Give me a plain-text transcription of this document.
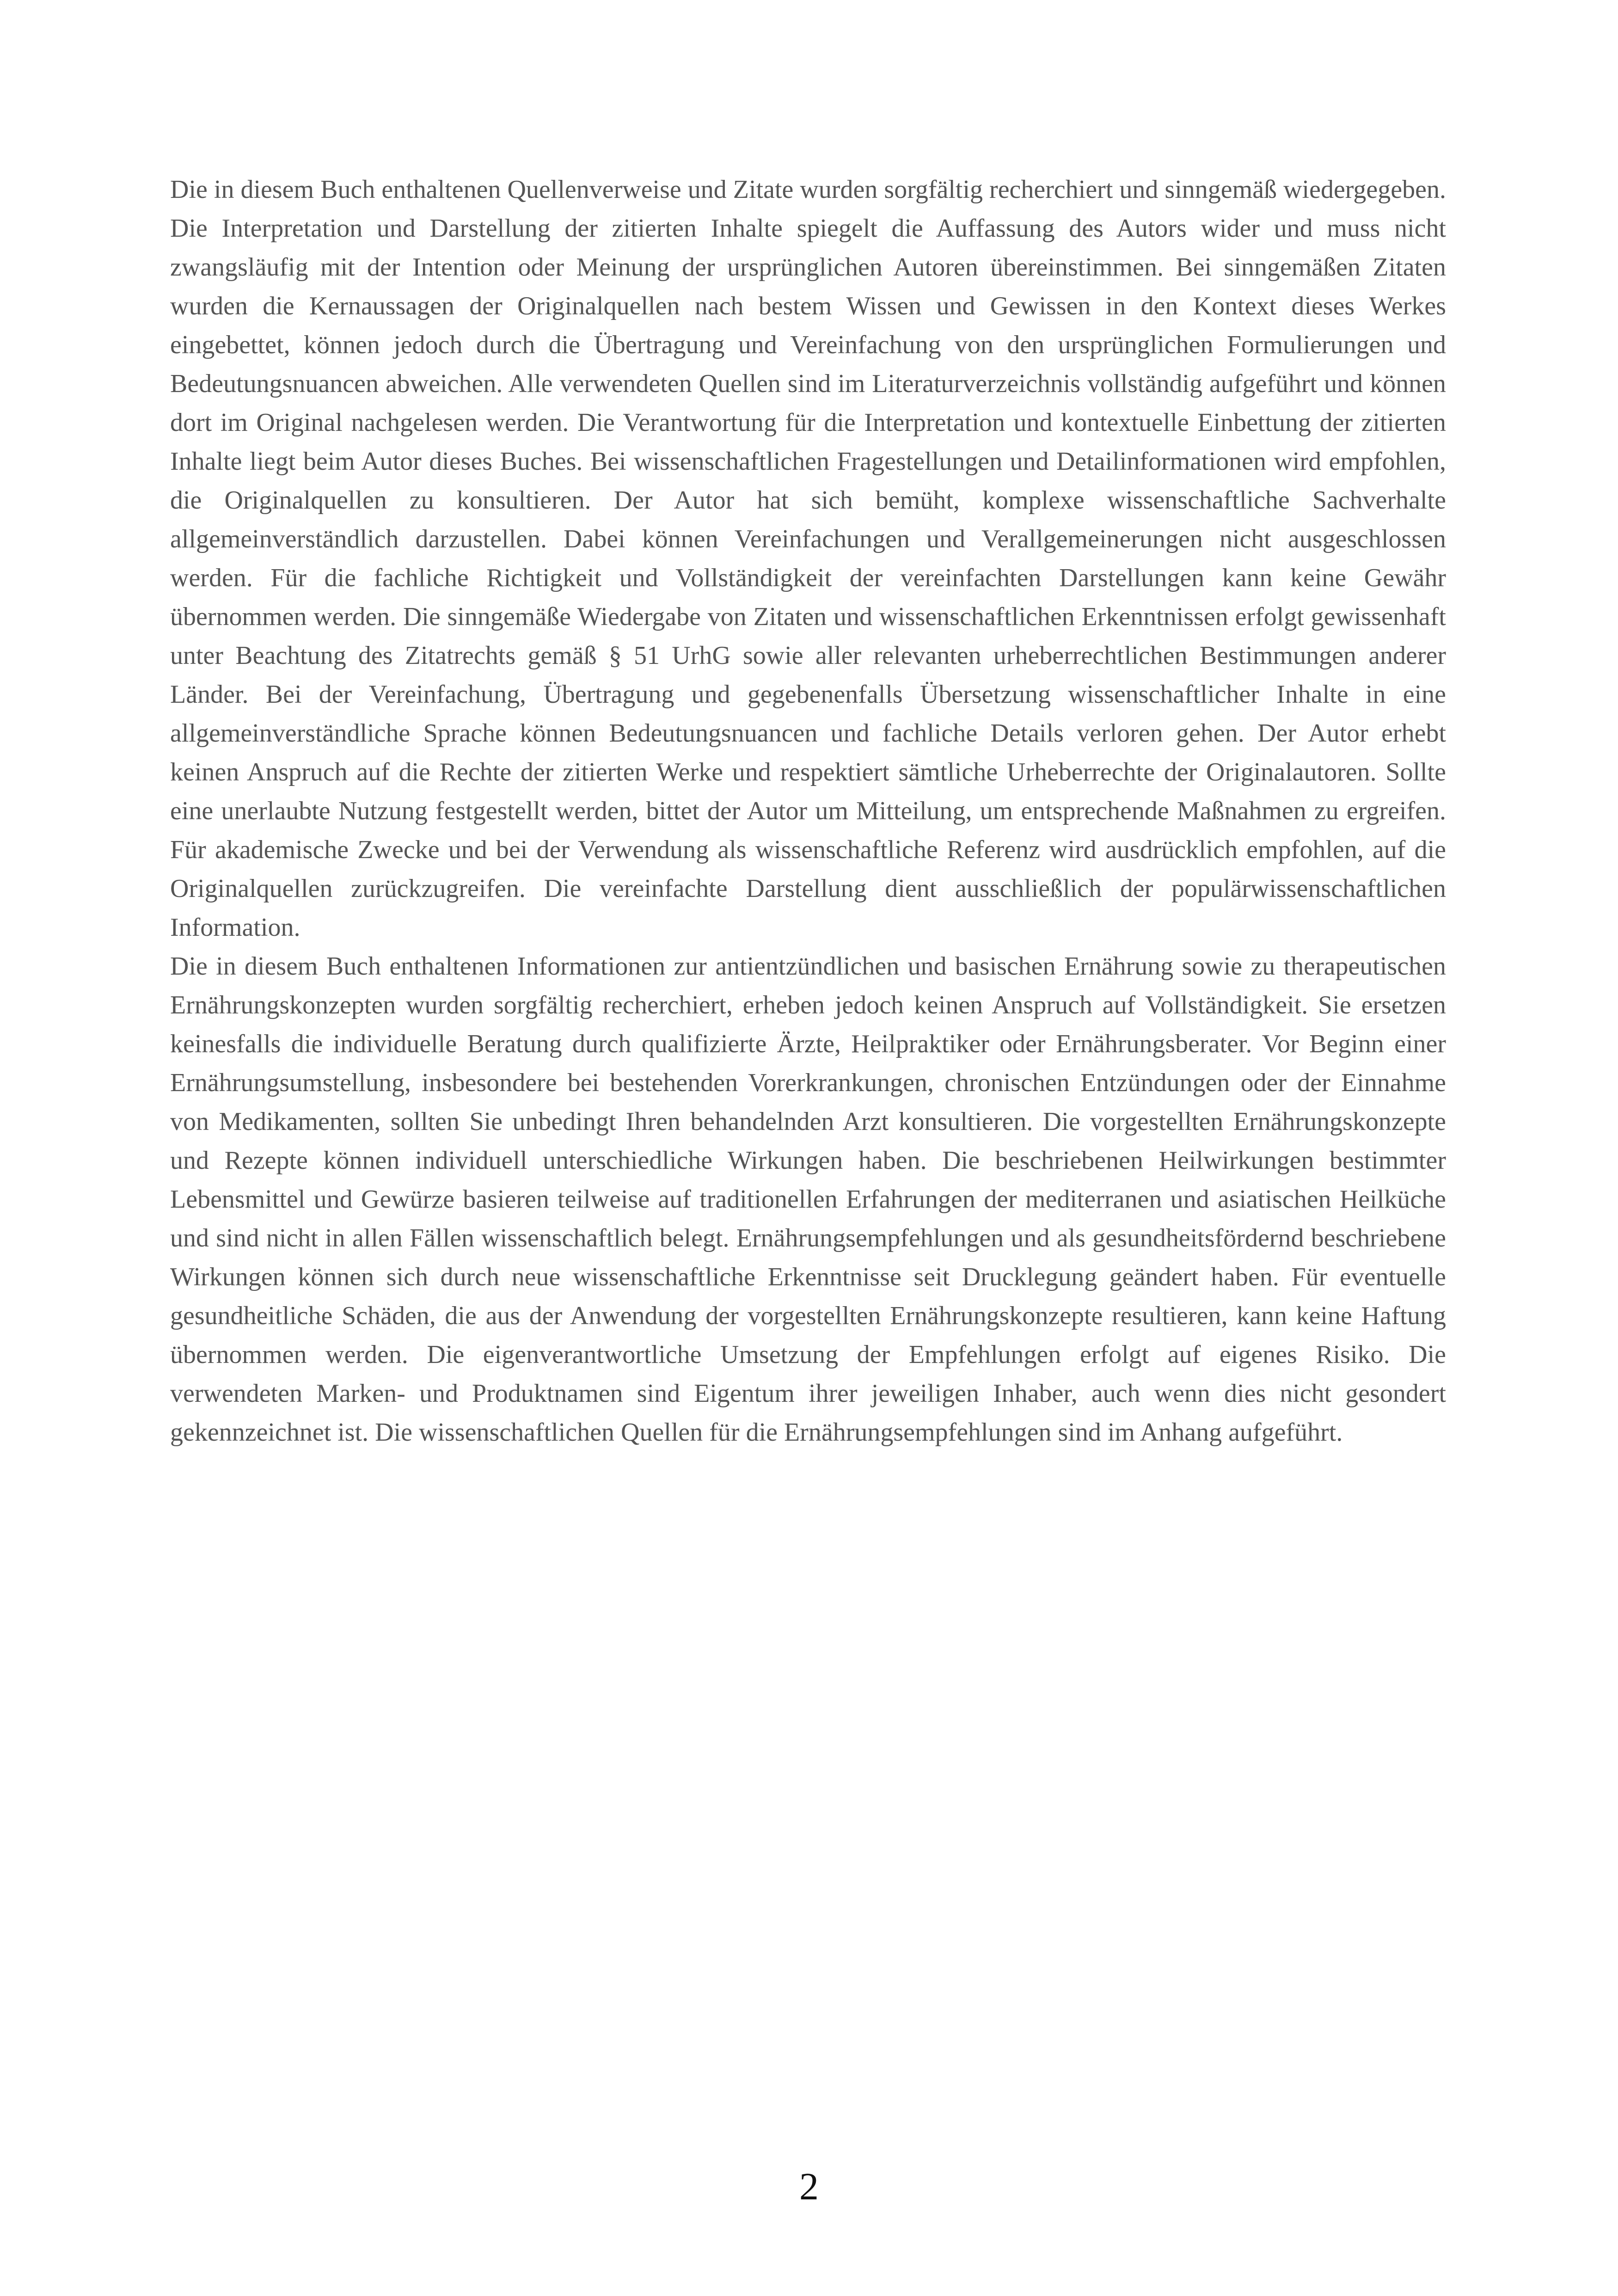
Die in diesem Buch enthaltenen Quellenverweise und Zitate wurden sorgfältig recherchiert und sinngemäß wiedergegeben. Die Interpretation und Darstellung der zitierten Inhalte spiegelt die Auffassung des Autors wider und muss nicht zwangsläufig mit der Intention oder Meinung der ursprünglichen Autoren übereinstimmen. Bei sinngemäßen Zitaten wurden die Kernaussagen der Originalquellen nach bestem Wissen und Gewissen in den Kontext dieses Werkes eingebettet, können jedoch durch die Übertragung und Vereinfachung von den ursprünglichen Formulierungen und Bedeutungsnuancen abweichen. Alle verwendeten Quellen sind im Literaturverzeichnis vollständig aufgeführt und können dort im Original nachgelesen werden. Die Verantwortung für die Interpretation und kontextuelle Einbettung der zitierten Inhalte liegt beim Autor dieses Buches. Bei wissenschaftlichen Fragestellungen und Detailinformationen wird empfohlen, die Originalquellen zu konsultieren. Der Autor hat sich bemüht, komplexe wissenschaftliche Sachverhalte allgemeinverständlich darzustellen. Dabei können Vereinfachungen und Verallgemeinerungen nicht ausgeschlossen werden. Für die fachliche Richtigkeit und Vollständigkeit der vereinfachten Darstellungen kann keine Gewähr übernommen werden. Die sinngemäße Wiedergabe von Zitaten und wissenschaftlichen Erkenntnissen erfolgt gewissenhaft unter Beachtung des Zitatrechts gemäß § 51 UrhG sowie aller relevanten urheberrechtlichen Bestimmungen anderer Länder. Bei der Vereinfachung, Übertragung und gegebenenfalls Übersetzung wissenschaftlicher Inhalte in eine allgemeinverständliche Sprache können Bedeutungsnuancen und fachliche Details verloren gehen. Der Autor erhebt keinen Anspruch auf die Rechte der zitierten Werke und respektiert sämtliche Urheberrechte der Originalautoren. Sollte eine unerlaubte Nutzung festgestellt werden, bittet der Autor um Mitteilung, um entsprechende Maßnahmen zu ergreifen. Für akademische Zwecke und bei der Verwendung als wissenschaftliche Referenz wird ausdrücklich empfohlen, auf die Originalquellen zurückzugreifen. Die vereinfachte Darstellung dient ausschließlich der populärwissenschaftlichen Information.

Die in diesem Buch enthaltenen Informationen zur antientzündlichen und basischen Ernährung sowie zu therapeutischen Ernährungskonzepten wurden sorgfältig recherchiert, erheben jedoch keinen Anspruch auf Vollständigkeit. Sie ersetzen keinesfalls die individuelle Beratung durch qualifizierte Ärzte, Heilpraktiker oder Ernährungsberater. Vor Beginn einer Ernährungsumstellung, insbesondere bei bestehenden Vorerkrankungen, chronischen Entzündungen oder der Einnahme von Medikamenten, sollten Sie unbedingt Ihren behandelnden Arzt konsultieren. Die vorgestellten Ernährungskonzepte und Rezepte können individuell unterschiedliche Wirkungen haben. Die beschriebenen Heilwirkungen bestimmter Lebensmittel und Gewürze basieren teilweise auf traditionellen Erfahrungen der mediterranen und asiatischen Heilküche und sind nicht in allen Fällen wissenschaftlich belegt. Ernährungsempfehlungen und als gesundheitsfördernd beschriebene Wirkungen können sich durch neue wissenschaftliche Erkenntnisse seit Drucklegung geändert haben. Für eventuelle gesundheitliche Schäden, die aus der Anwendung der vorgestellten Ernährungskonzepte resultieren, kann keine Haftung übernommen werden. Die eigenverantwortliche Umsetzung der Empfehlungen erfolgt auf eigenes Risiko. Die verwendeten Marken- und Produktnamen sind Eigentum ihrer jeweiligen Inhaber, auch wenn dies nicht gesondert gekennzeichnet ist. Die wissenschaftlichen Quellen für die Ernährungsempfehlungen sind im Anhang aufgeführt.

2
